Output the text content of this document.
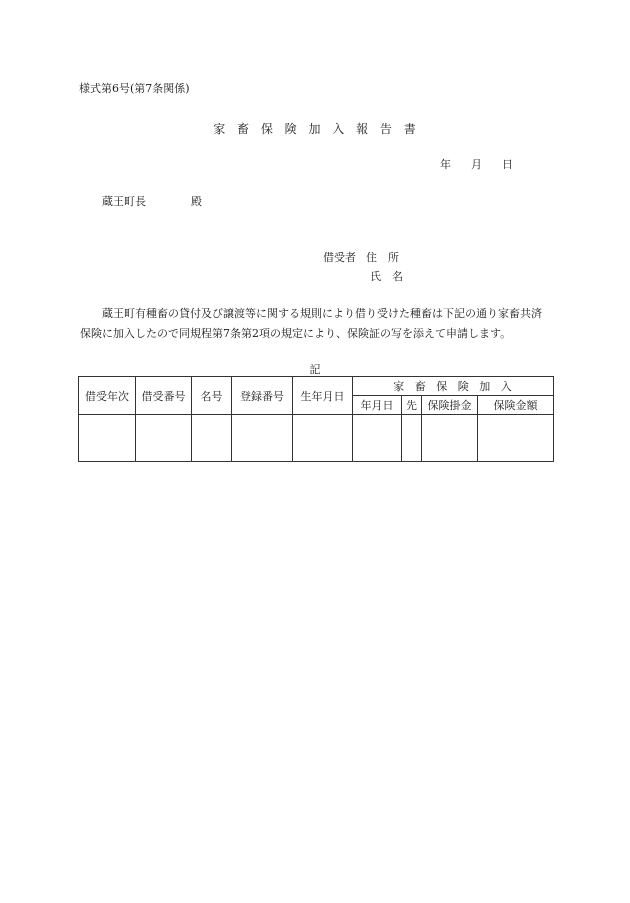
様式第6号(第7条関係)
家 畜 保 険 加 入 報 告 書
年 月 日
蔵王町長	殿
借受者 住　所
氏　名
蔵王町有種畜の貸付及び譲渡等に関する規則により借り受けた種畜は下記の通り家畜共済保険に加入したので同規程第7条第2項の規定により、保険証の写を添えて申請します。
記
借受年次	借受番号	名号	登録番号	生年月日	家 畜 保 険 加 入			
					年月日	先	保険掛金	保険金額
